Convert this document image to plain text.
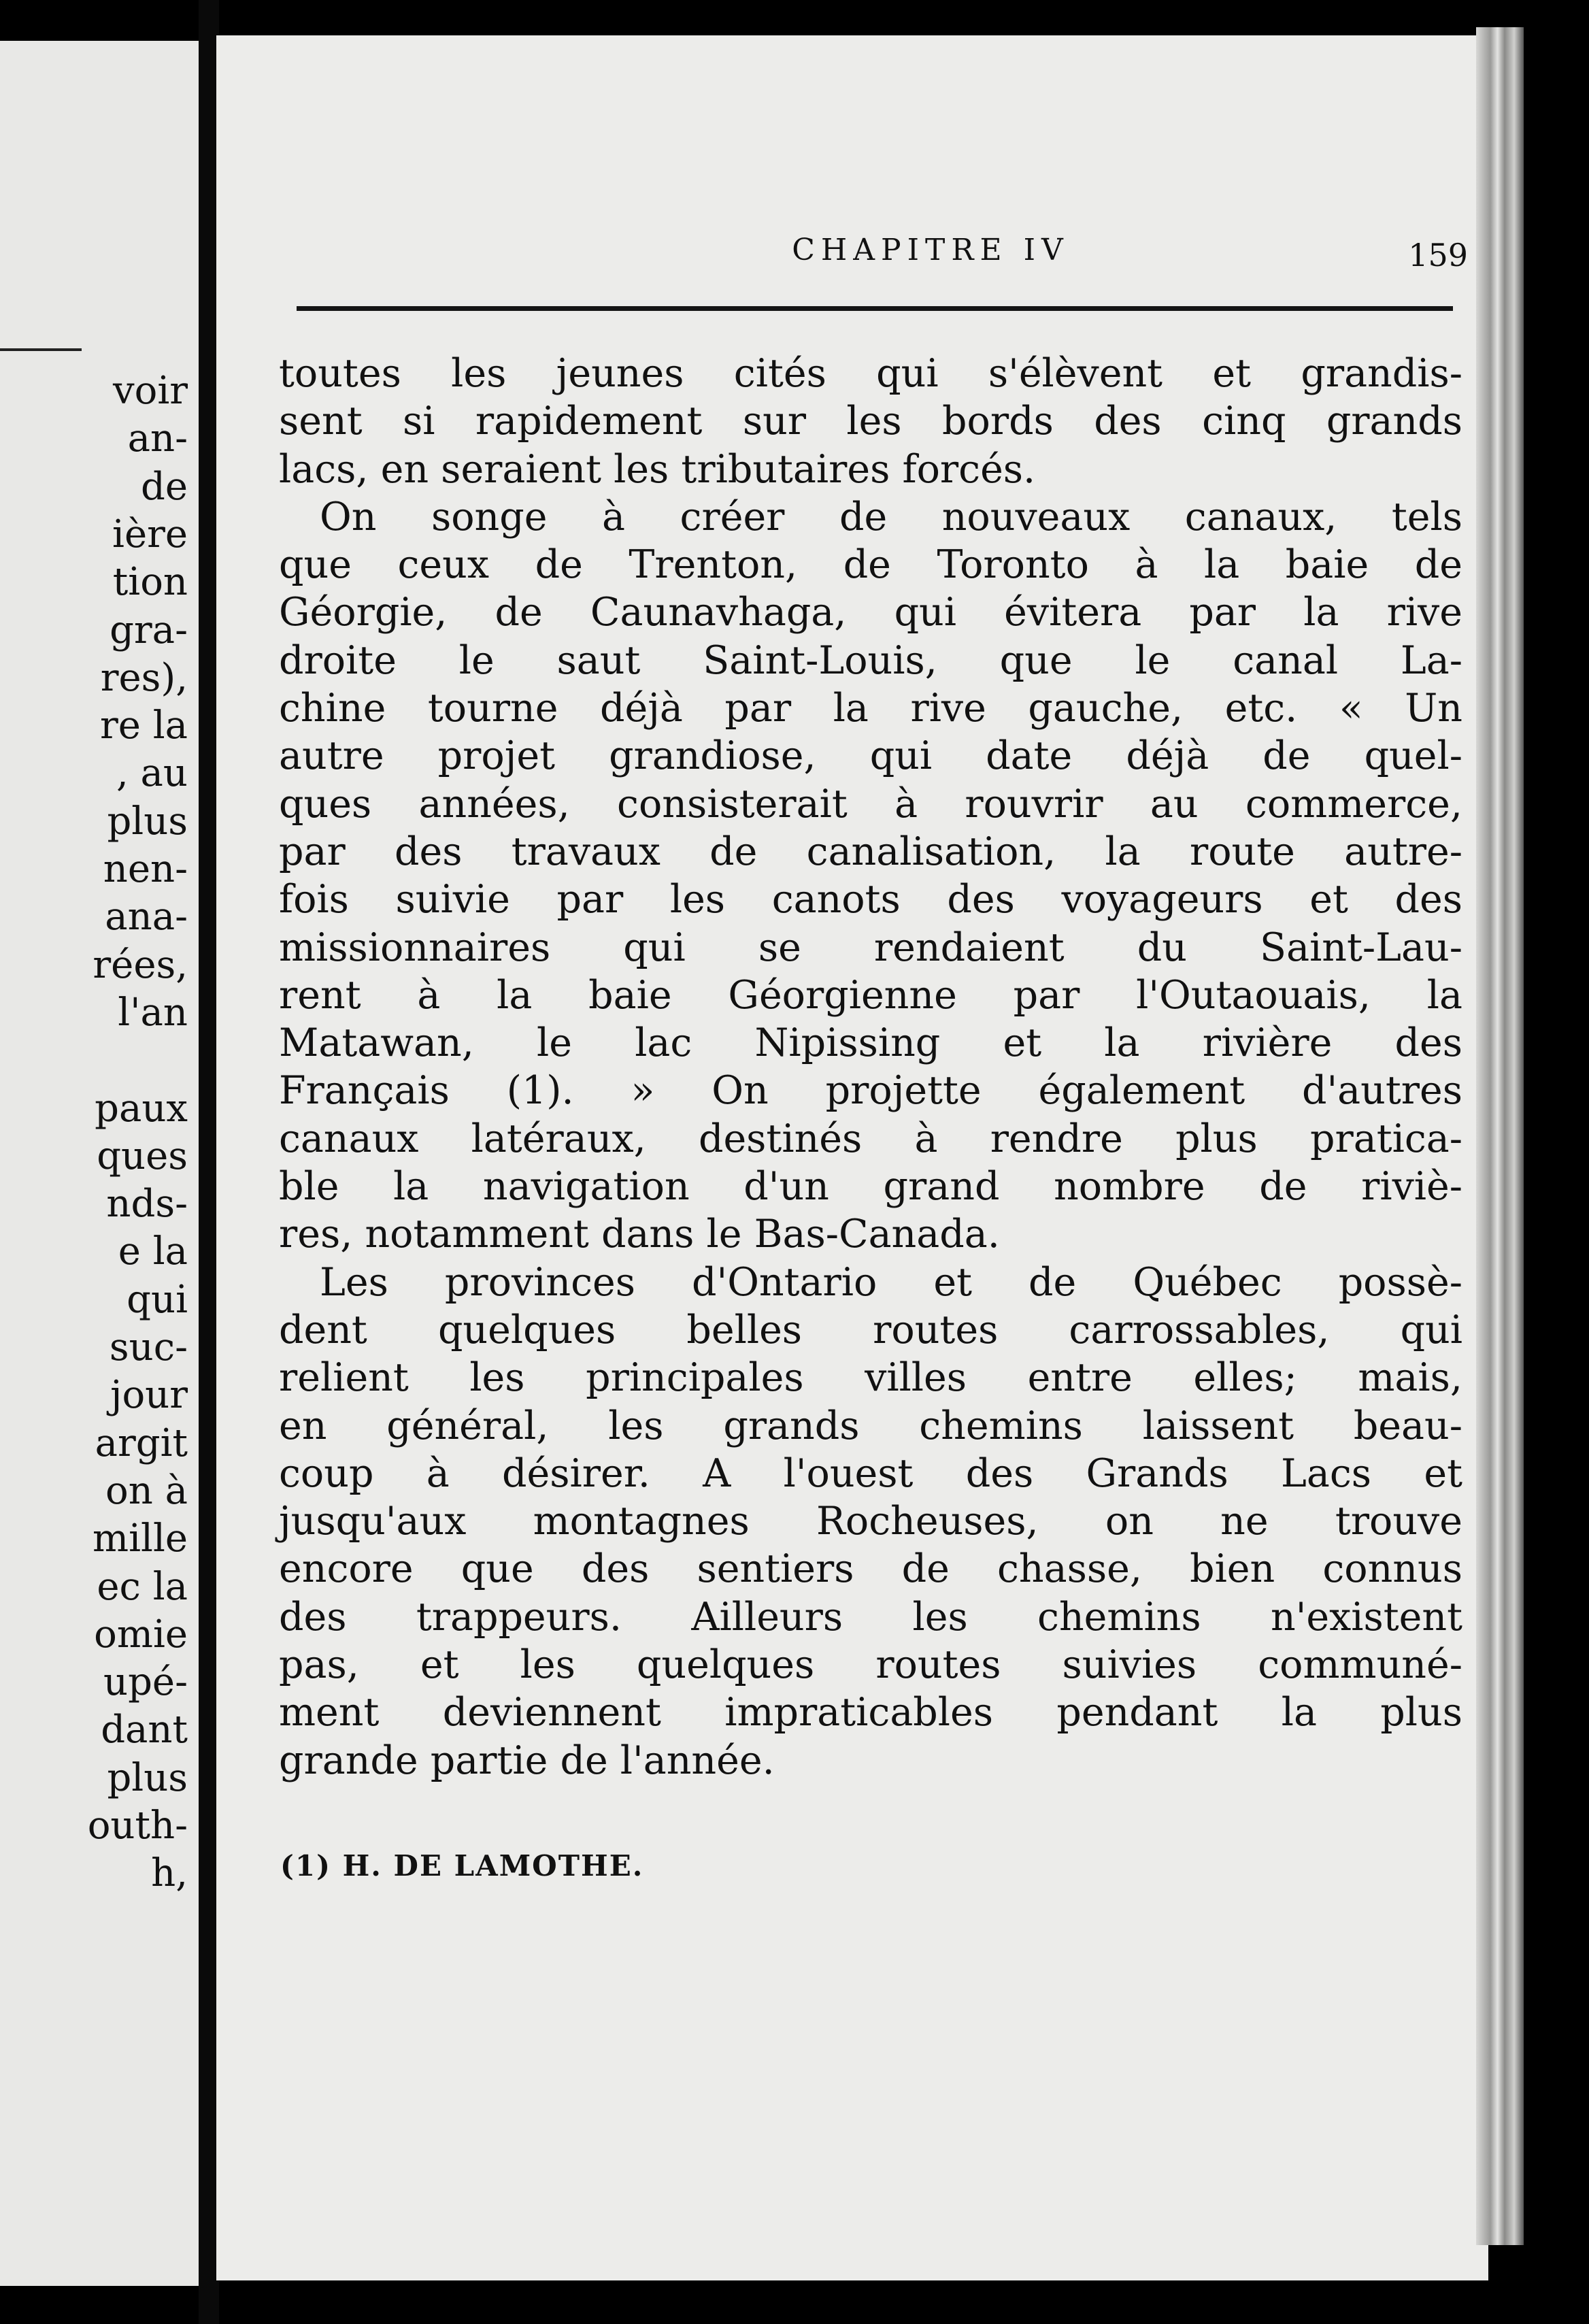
voir
an-
de
ière
tion
gra-
res),
re la
, au
plus
nen-
ana-
rées,
l'an
paux
ques
nds-
e la
qui
suc-
jour
argit
on à
mille
ec la
omie
upé-
dant
plus
outh-
h,
CHAPITRE IV	159
toutes les jeunes cités qui s'élèvent et grandis-
sent si rapidement sur les bords des cinq grands
lacs, en seraient les tributaires forcés.
On songe à créer de nouveaux canaux, tels
que ceux de Trenton, de Toronto à la baie de
Géorgie, de Caunavhaga, qui évitera par la rive
droite le saut Saint-Louis, que le canal La-
chine tourne déjà par la rive gauche, etc. « Un
autre projet grandiose, qui date déjà de quel-
ques années, consisterait à rouvrir au commerce,
par des travaux de canalisation, la route autre-
fois suivie par les canots des voyageurs et des
missionnaires qui se rendaient du Saint-Lau-
rent à la baie Géorgienne par l'Outaouais, la
Matawan, le lac Nipissing et la rivière des
Français (1). » On projette également d'autres
canaux latéraux, destinés à rendre plus pratica-
ble la navigation d'un grand nombre de riviè-
res, notamment dans le Bas-Canada.
Les provinces d'Ontario et de Québec possè-
dent quelques belles routes carrossables, qui
relient les principales villes entre elles; mais,
en général, les grands chemins laissent beau-
coup à désirer. A l'ouest des Grands Lacs et
jusqu'aux montagnes Rocheuses, on ne trouve
encore que des sentiers de chasse, bien connus
des trappeurs. Ailleurs les chemins n'existent
pas, et les quelques routes suivies communé-
ment deviennent impraticables pendant la plus
grande partie de l'année.
(1) H. DE LAMOTHE.
